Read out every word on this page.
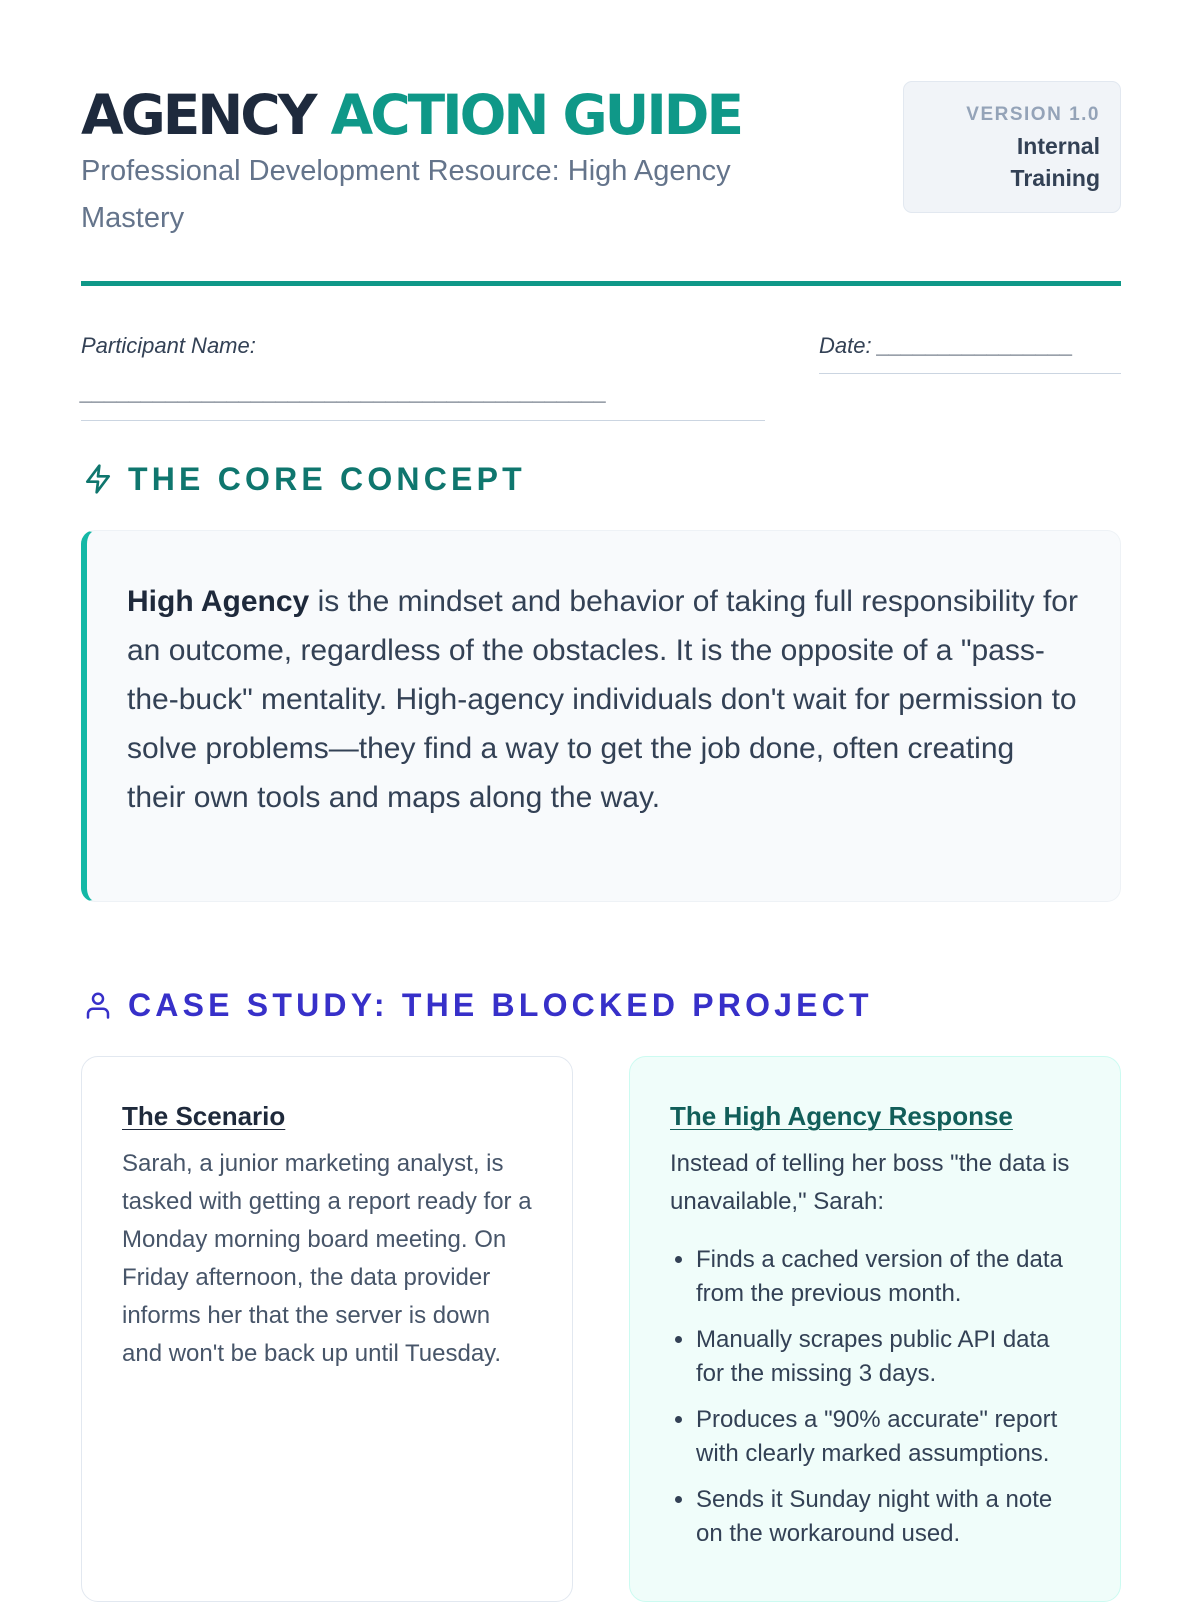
AGENCY ACTION GUIDE
Professional Development Resource: High Agency Mastery
VERSION 1.0
Internal Training
Participant Name: ___________________________________________
Date: ________________
THE CORE CONCEPT

High Agency is the mindset and behavior of taking full responsibility for an outcome, regardless of the obstacles. It is the opposite of a "pass-the-buck" mentality. High-agency individuals don't wait for permission to solve problems—they find a way to get the job done, often creating their own tools and maps along the way.

CASE STUDY: THE BLOCKED PROJECT
The Scenario

Sarah, a junior marketing analyst, is tasked with getting a report ready for a Monday morning board meeting. On Friday afternoon, the data provider informs her that the server is down and won't be back up until Tuesday.

The High Agency Response

Instead of telling her boss "the data is unavailable," Sarah:

• Finds a cached version of the data from the previous month.
• Manually scrapes public API data for the missing 3 days.
• Produces a "90% accurate" report with clearly marked assumptions.
• Sends it Sunday night with a note on the workaround used.
